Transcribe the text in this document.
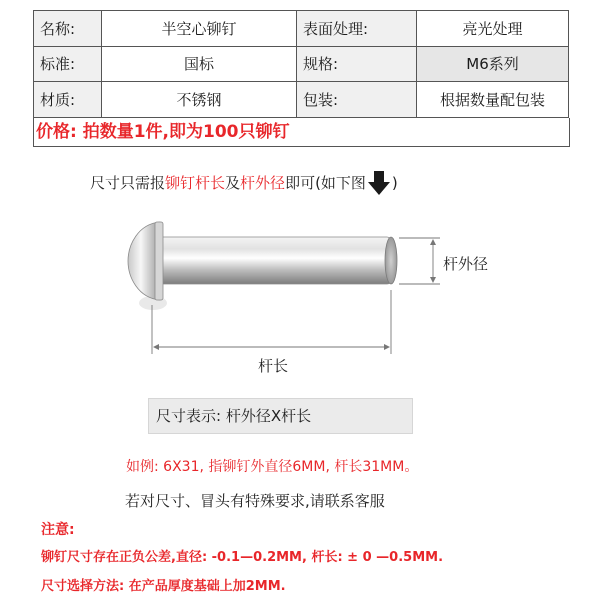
名称:	半空心铆钉	表面处理:	亮光处理
标准:	国标	规格:	M6系列
材质:	不锈钢	包装:	根据数量配包装
价格: 拍数量1件,即为100只铆钉
尺寸只需报 铆钉杆长 及 杆外径 即可(如下图 )
杆外径
杆长
尺寸表示: 杆外径X杆长
如例: 6X31, 指铆钉外直径6MM, 杆长31MM。
若对尺寸、冒头有特殊要求,请联系客服
注意:
铆钉尺寸存在正负公差,直径: -0.1—0.2MM, 杆长: ± 0 —0.5MM.
尺寸选择方法: 在产品厚度基础上加2MM.
